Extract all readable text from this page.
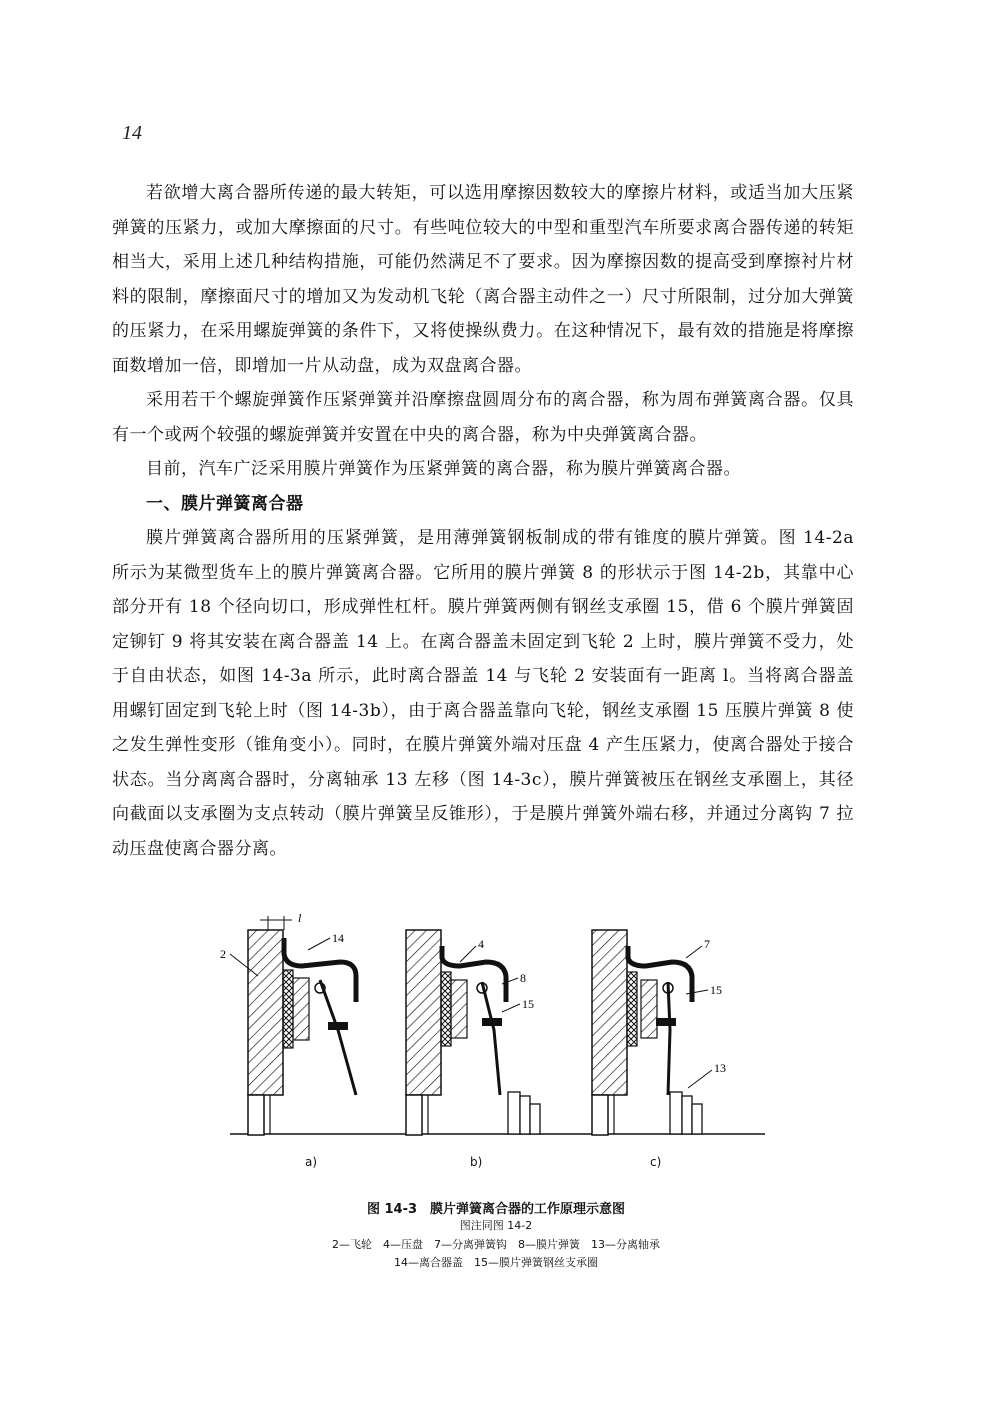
14

若欲增大离合器所传递的最大转矩，可以选用摩擦因数较大的摩擦片材料，或适当加大压紧弹簧的压紧力，或加大摩擦面的尺寸。有些吨位较大的中型和重型汽车所要求离合器传递的转矩相当大，采用上述几种结构措施，可能仍然满足不了要求。因为摩擦因数的提高受到摩擦衬片材料的限制，摩擦面尺寸的增加又为发动机飞轮（离合器主动件之一）尺寸所限制，过分加大弹簧的压紧力，在采用螺旋弹簧的条件下，又将使操纵费力。在这种情况下，最有效的措施是将摩擦面数增加一倍，即增加一片从动盘，成为双盘离合器。

采用若干个螺旋弹簧作压紧弹簧并沿摩擦盘圆周分布的离合器，称为周布弹簧离合器。仅具有一个或两个较强的螺旋弹簧并安置在中央的离合器，称为中央弹簧离合器。

目前，汽车广泛采用膜片弹簧作为压紧弹簧的离合器，称为膜片弹簧离合器。

一、膜片弹簧离合器

膜片弹簧离合器所用的压紧弹簧，是用薄弹簧钢板制成的带有锥度的膜片弹簧。图 14-2a 所示为某微型货车上的膜片弹簧离合器。它所用的膜片弹簧 8 的形状示于图 14-2b，其靠中心部分开有 18 个径向切口，形成弹性杠杆。膜片弹簧两侧有钢丝支承圈 15，借 6 个膜片弹簧固定铆钉 9 将其安装在离合器盖 14 上。在离合器盖未固定到飞轮 2 上时，膜片弹簧不受力，处于自由状态，如图 14-3a 所示，此时离合器盖 14 与飞轮 2 安装面有一距离 l。当将离合器盖用螺钉固定到飞轮上时（图 14-3b），由于离合器盖靠向飞轮，钢丝支承圈 15 压膜片弹簧 8 使之发生弹性变形（锥角变小）。同时，在膜片弹簧外端对压盘 4 产生压紧力，使离合器处于接合状态。当分离离合器时，分离轴承 13 左移（图 14-3c），膜片弹簧被压在钢丝支承圈上，其径向截面以支承圈为支点转动（膜片弹簧呈反锥形），于是膜片弹簧外端右移，并通过分离钩 7 拉动压盘使离合器分离。

l
14
2
4
8
15
7
15
13
a)	b)	c)
图 14-3　膜片弹簧离合器的工作原理示意图
图注同图 14-2
2—飞轮　4—压盘　7—分离弹簧钩　8—膜片弹簧　13—分离轴承
14—离合器盖　15—膜片弹簧钢丝支承圈
